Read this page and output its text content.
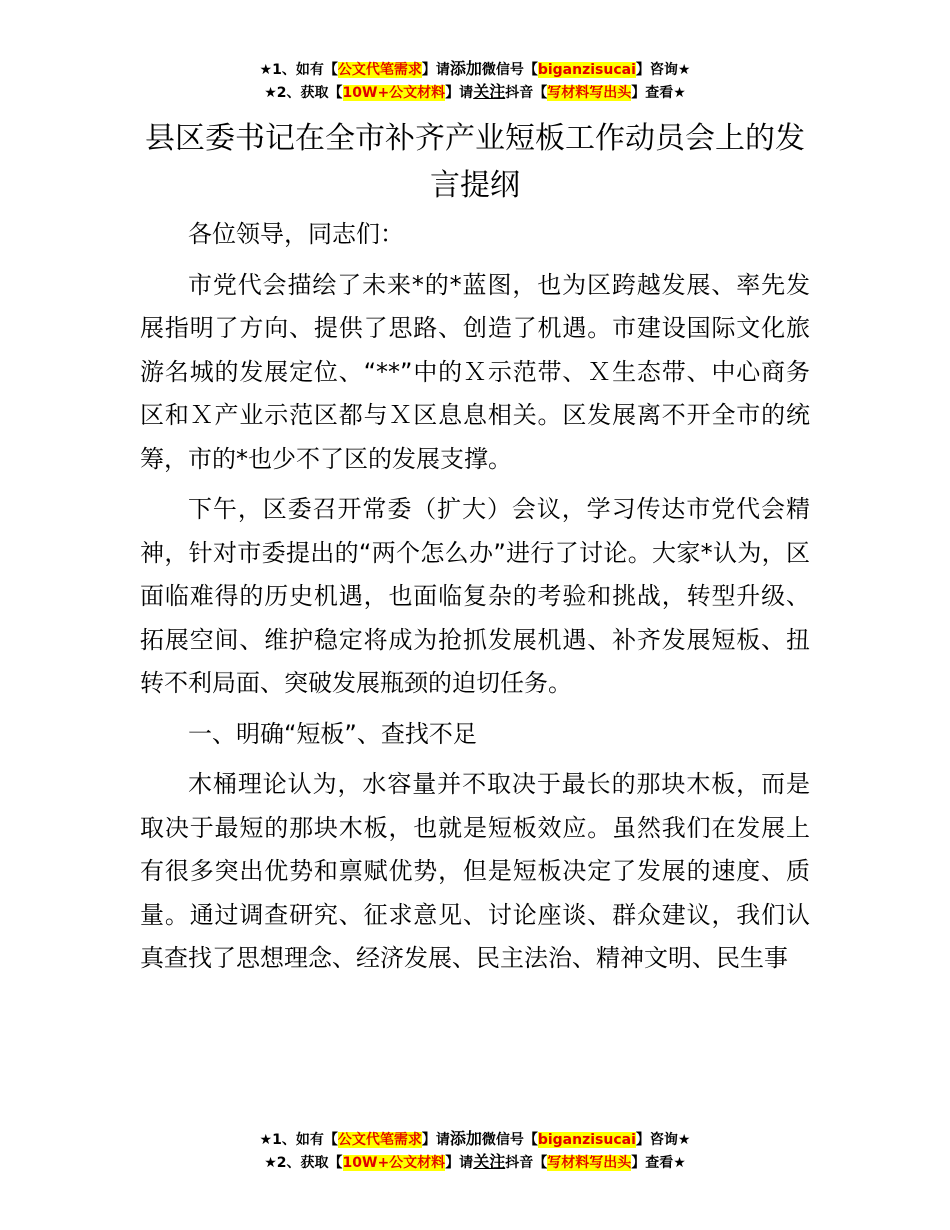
★1、如有【公文代笔需求】请添加微信号【biganzisucai】咨询★
★2、获取【10W+公文材料】请关注抖音【写材料写出头】查看★
县区委书记在全市补齐产业短板工作动员会上的发言提纲

各位领导，同志们：

市党代会描绘了未来*的*蓝图，也为区跨越发展、率先发展指明了方向、提供了思路、创造了机遇。市建设国际文化旅游名城的发展定位、“**”中的Ｘ示范带、Ｘ生态带、中心商务区和Ｘ产业示范区都与Ｘ区息息相关。区发展离不开全市的统筹，市的*也少不了区的发展支撑。

下午，区委召开常委（扩大）会议，学习传达市党代会精神，针对市委提出的“两个怎么办”进行了讨论。大家*认为，区面临难得的历史机遇，也面临复杂的考验和挑战，转型升级、拓展空间、维护稳定将成为抢抓发展机遇、补齐发展短板、扭转不利局面、突破发展瓶颈的迫切任务。

一、明确“短板”、查找不足

木桶理论认为，水容量并不取决于最长的那块木板，而是取决于最短的那块木板，也就是短板效应。虽然我们在发展上有很多突出优势和禀赋优势，但是短板决定了发展的速度、质量。通过调查研究、征求意见、讨论座谈、群众建议，我们认真查找了思想理念、经济发展、民主法治、精神文明、民生事

★1、如有【公文代笔需求】请添加微信号【biganzisucai】咨询★
★2、获取【10W+公文材料】请关注抖音【写材料写出头】查看★
